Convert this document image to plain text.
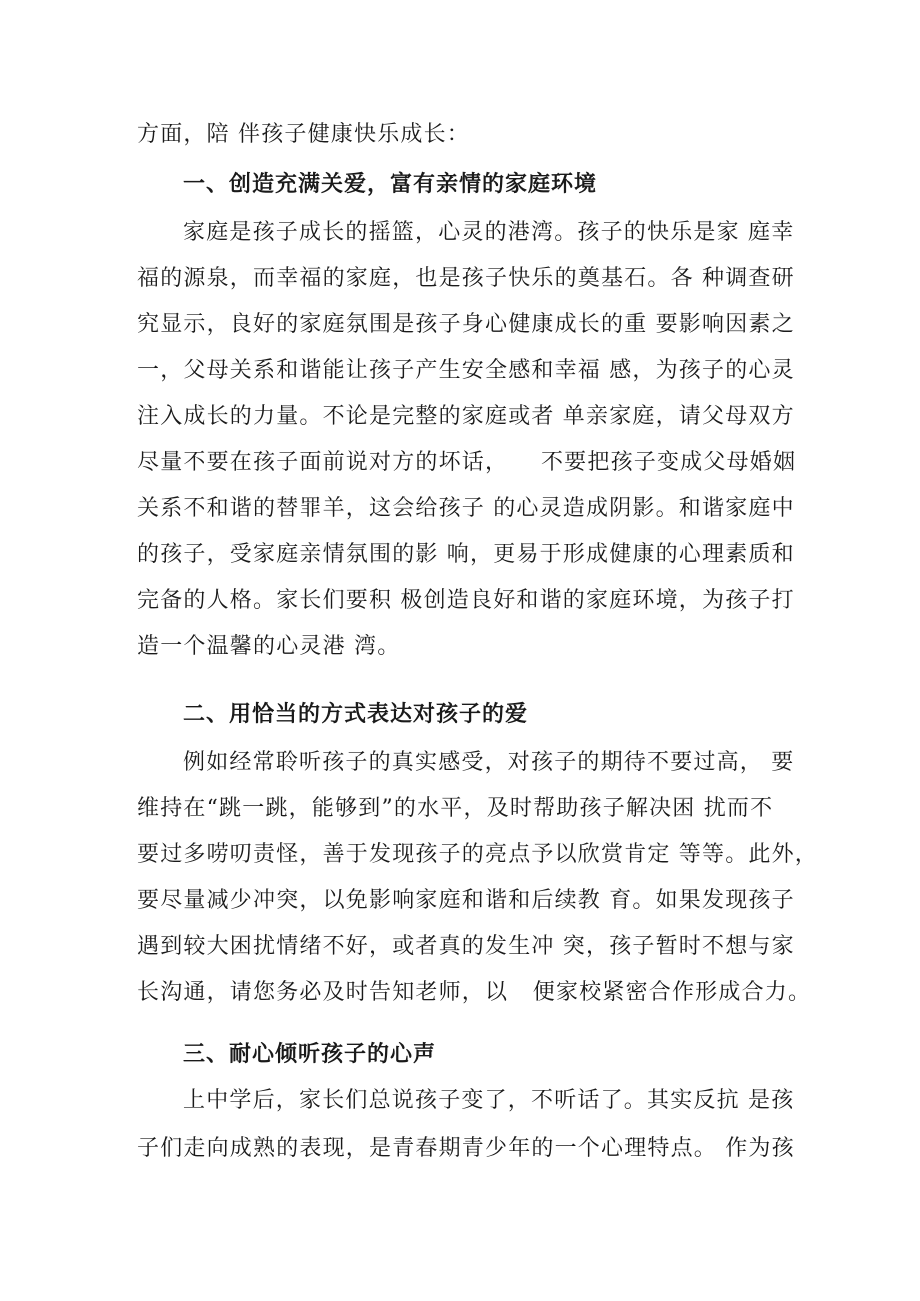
方面，陪 伴孩子健康快乐成长：
一、创造充满关爱，富有亲情的家庭环境
家庭是孩子成长的摇篮，心灵的港湾。孩子的快乐是家 庭幸
福的源泉，而幸福的家庭，也是孩子快乐的奠基石。各 种调查研
究显示，良好的家庭氛围是孩子身心健康成长的重 要影响因素之
一，父母关系和谐能让孩子产生安全感和幸福 感，为孩子的心灵
注入成长的力量。不论是完整的家庭或者 单亲家庭，请父母双方
尽量不要在孩子面前说对方的坏话，    不要把孩子变成父母婚姻
关系不和谐的替罪羊，这会给孩子 的心灵造成阴影。和谐家庭中
的孩子，受家庭亲情氛围的影 响，更易于形成健康的心理素质和
完备的人格。家长们要积 极创造良好和谐的家庭环境，为孩子打
造一个温馨的心灵港 湾。
二、用恰当的方式表达对孩子的爱
例如经常聆听孩子的真实感受，对孩子的期待不要过高， 要
维持在“跳一跳，能够到”的水平，及时帮助孩子解决困 扰而不
要过多唠叨责怪，善于发现孩子的亮点予以欣赏肯定 等等。此外，
要尽量减少冲突，以免影响家庭和谐和后续教 育。如果发现孩子
遇到较大困扰情绪不好，或者真的发生冲 突，孩子暂时不想与家
长沟通，请您务必及时告知老师，以   便家校紧密合作形成合力。
三、耐心倾听孩子的心声
上中学后，家长们总说孩子变了，不听话了。其实反抗 是孩
子们走向成熟的表现，是青春期青少年的一个心理特点。 作为孩
